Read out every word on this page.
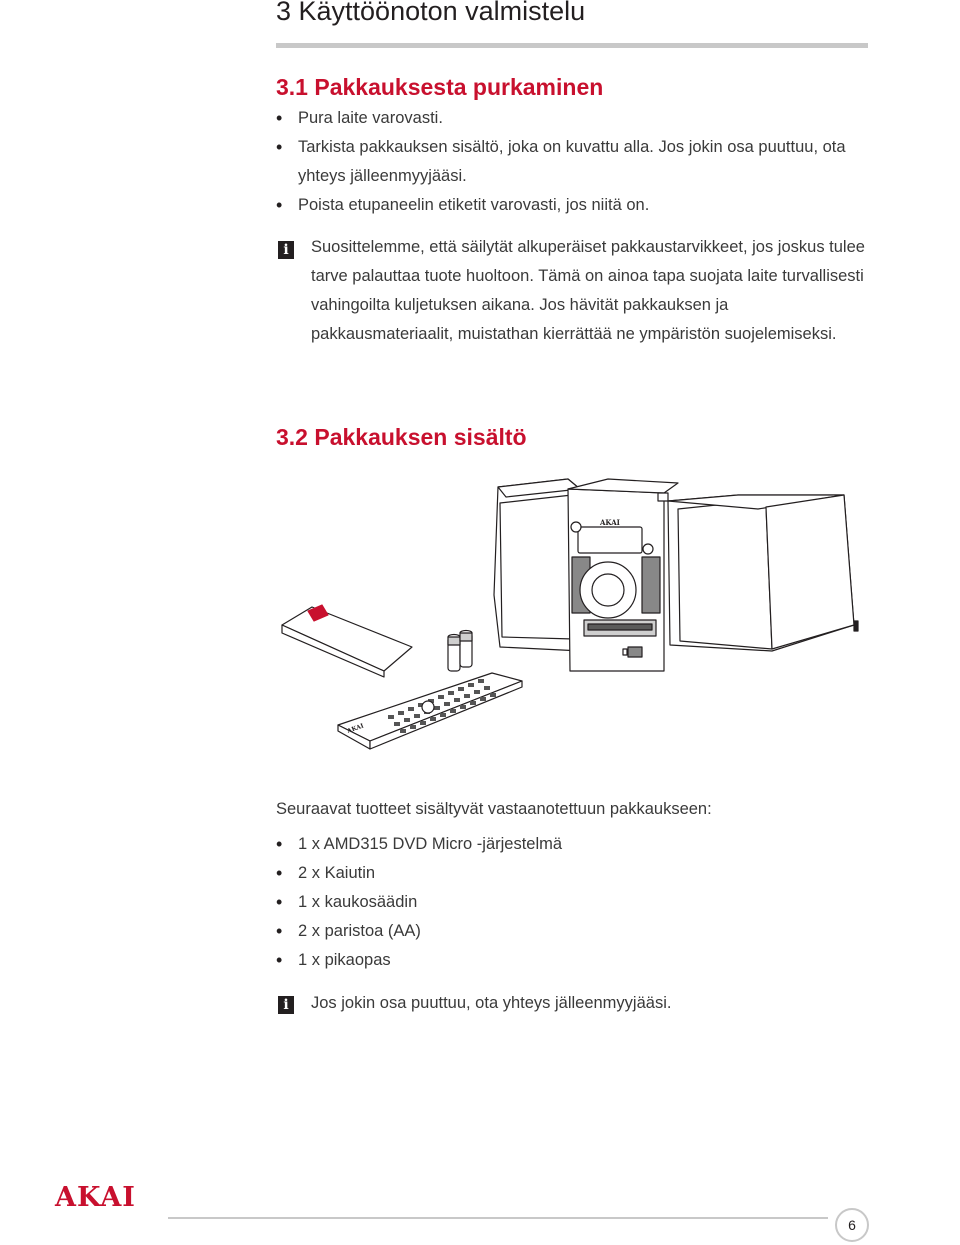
3 Käyttöönoton valmistelu
3.1 Pakkauksesta purkaminen
• Pura laite varovasti.
• Tarkista pakkauksen sisältö, joka on kuvattu alla. Jos jokin osa puuttuu, ota yhteys jälleenmyyjääsi.
• Poista etupaneelin etiketit varovasti, jos niitä on.
i	Suosittelemme, että säilytät alkuperäiset pakkaustarvikkeet, jos joskus tulee tarve palauttaa tuote huoltoon. Tämä on ainoa tapa suojata laite turvallisesti vahingoilta kuljetuksen aikana. Jos hävität pakkauksen ja pakkausmateriaalit, muistathan kierrättää ne ympäristön suojelemiseksi.
3.2 Pakkauksen sisältö
AKAI
AKAI
Seuraavat tuotteet sisältyvät vastaanotettuun pakkaukseen:
• 1 x AMD315 DVD Micro -järjestelmä
• 2 x Kaiutin
• 1 x kaukosäädin
• 2 x paristoa (AA)
• 1 x pikaopas
i	Jos jokin osa puuttuu, ota yhteys jälleenmyyjääsi.
AKAI
6
